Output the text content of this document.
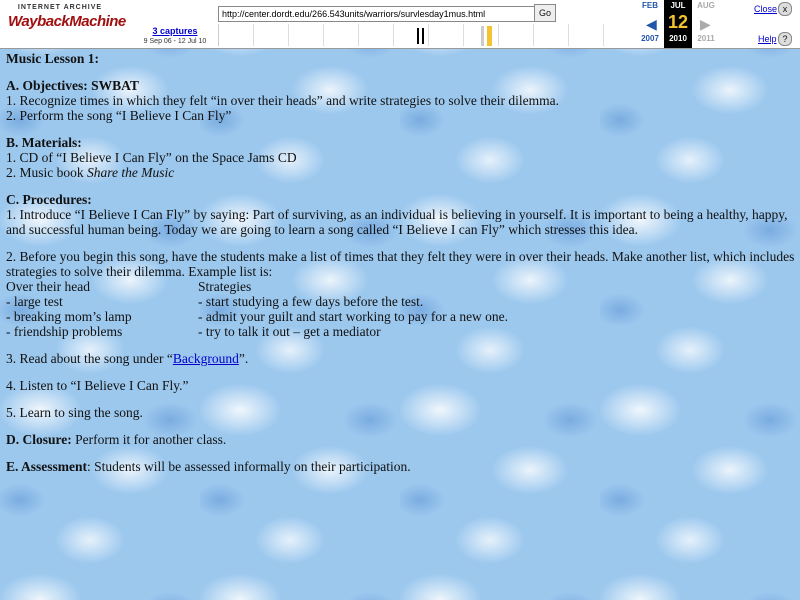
INTERNET ARCHIVE
WaybackMachine	http://center.dordt.edu/266.543units/warriors/survlesday1mus.html	Go
3 captures
9 Sep 06 - 12 Jul 10
FEB
2007
JUL
12
2010
AUG
2011
◀	▶
Close x
Help ?
Music Lesson 1:
A. Objectives: SWBAT
1. Recognize times in which they felt “in over their heads” and write strategies to solve their dilemma.
2. Perform the song “I Believe I Can Fly”
B. Materials:
1. CD of “I Believe I Can Fly” on the Space Jams CD
2. Music book Share the Music
C. Procedures:
1. Introduce “I Believe I Can Fly” by saying: Part of surviving, as an individual is believing in yourself. It is important to being a healthy, happy, and successful human being. Today we are going to learn a song called “I Believe I can Fly” which stresses this idea.
2. Before you begin this song, have the students make a list of times that they felt they were in over their heads. Make another list, which includes strategies to solve their dilemma. Example list is:
Over their head	Strategies
- large test	- start studying a few days before the test.
- breaking mom’s lamp	- admit your guilt and start working to pay for a new one.
- friendship problems	- try to talk it out – get a mediator
3. Read about the song under “Background”.
4. Listen to “I Believe I Can Fly.”
5. Learn to sing the song.
D. Closure: Perform it for another class.
E. Assessment: Students will be assessed informally on their participation.
